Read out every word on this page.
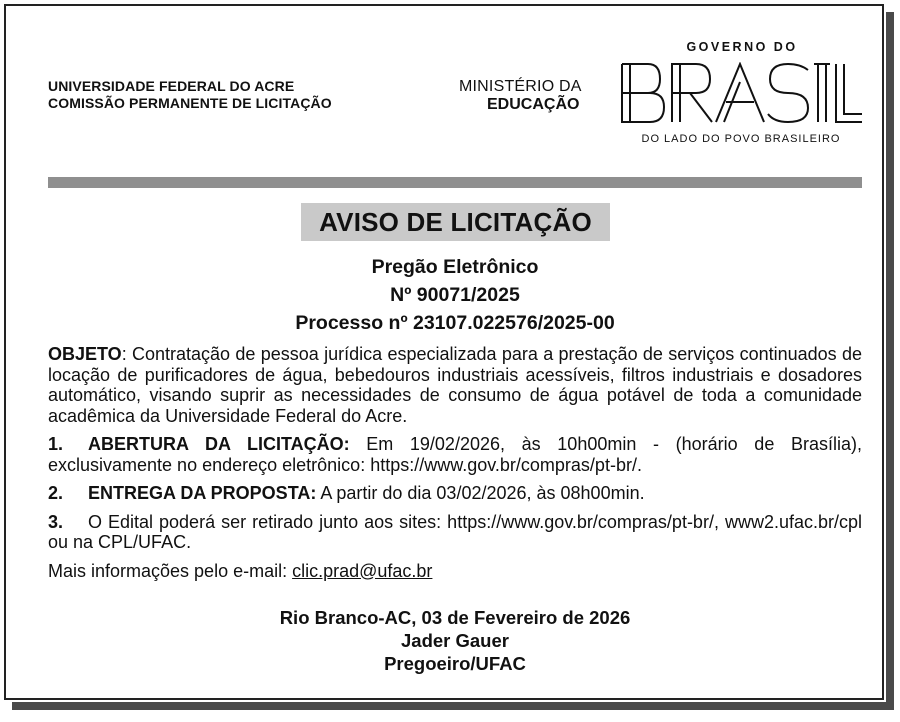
UNIVERSIDADE FEDERAL DO ACRE
COMISSÃO PERMANENTE DE LICITAÇÃO
MINISTÉRIO DA
EDUCAÇÃO
GOVERNO DO
DO LADO DO POVO BRASILEIRO
AVISO DE LICITAÇÃO
Pregão Eletrônico
Nº 90071/2025
Processo nº 23107.022576/2025-00

OBJETO: Contratação de pessoa jurídica especializada para a prestação de serviços continuados de locação de purificadores de água, bebedouros industriais acessíveis, filtros industriais e dosadores automático, visando suprir as necessidades de consumo de água potável de toda a comunidade acadêmica da Universidade Federal do Acre.

1. ABERTURA DA LICITAÇÃO: Em 19/02/2026, às 10h00min - (horário de Brasília), exclusivamente no endereço eletrônico: https://www.gov.br/compras/pt-br/.

2. ENTREGA DA PROPOSTA: A partir do dia 03/02/2026, às 08h00min.

3. O Edital poderá ser retirado junto aos sites: https://www.gov.br/compras/pt-br/, www2.ufac.br/cpl ou na CPL/UFAC.

Mais informações pelo e-mail: clic.prad@ufac.br

Rio Branco-AC, 03 de Fevereiro de 2026
Jader Gauer
Pregoeiro/UFAC
